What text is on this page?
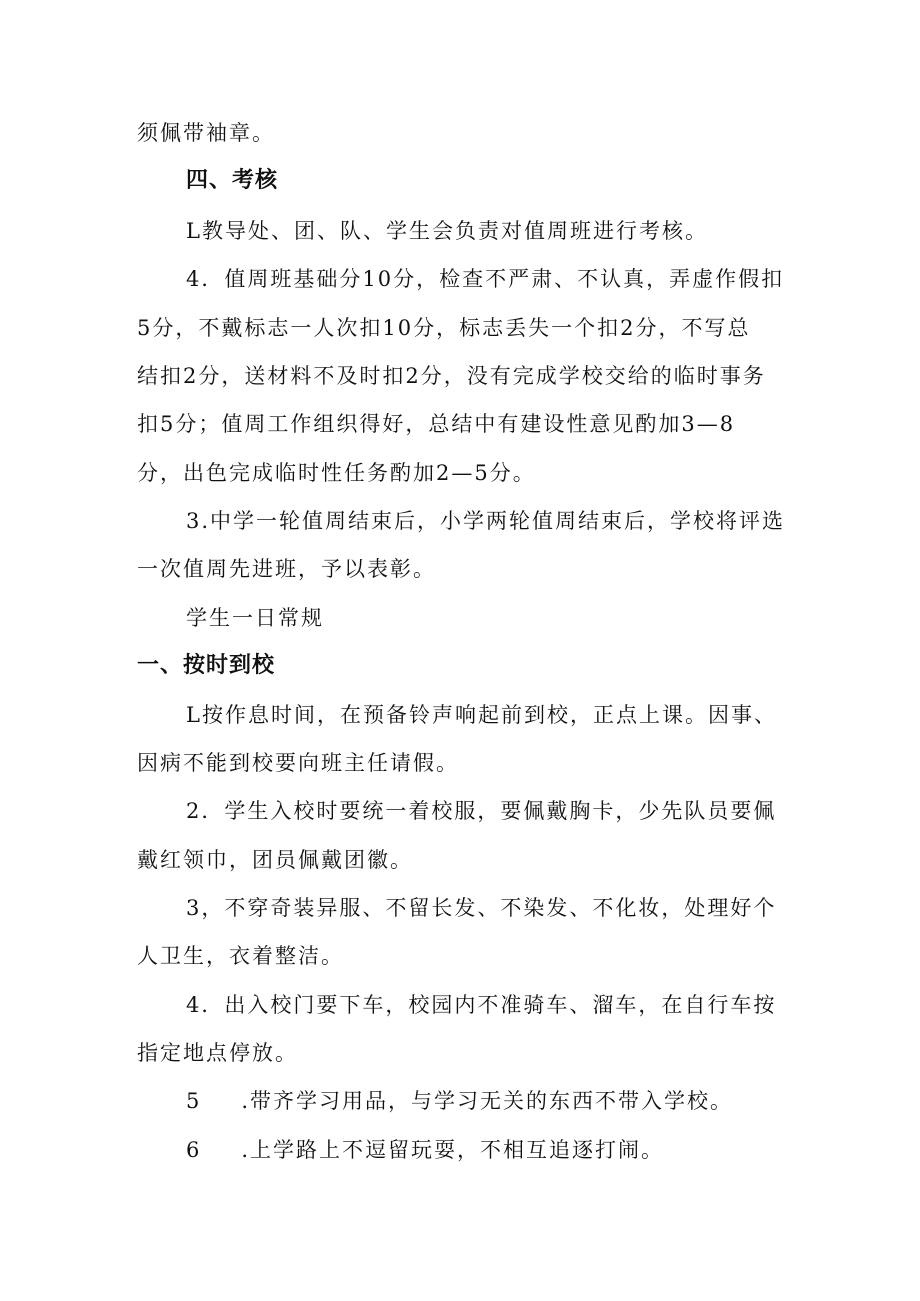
须佩带袖章。
四、考核
L教导处、团、队、学生会负责对值周班进行考核。
4．值周班基础分10分，检查不严肃、不认真，弄虚作假扣
5分，不戴标志一人次扣10分，标志丢失一个扣2分，不写总
结扣2分，送材料不及时扣2分，没有完成学校交给的临时事务
扣5分；值周工作组织得好，总结中有建设性意见酌加3—8
分，出色完成临时性任务酌加2—5分。
3.中学一轮值周结束后，小学两轮值周结束后，学校将评选
一次值周先进班，予以表彰。
学生一日常规
一、按时到校
L按作息时间，在预备铃声响起前到校，正点上课。因事、
因病不能到校要向班主任请假。
2．学生入校时要统一着校服，要佩戴胸卡，少先队员要佩
戴红领巾，团员佩戴团徽。
3，不穿奇装异服、不留长发、不染发、不化妆，处理好个
人卫生，衣着整洁。
4．出入校门要下车，校园内不准骑车、溜车，在自行车按
指定地点停放。
5 .带齐学习用品，与学习无关的东西不带入学校。
6 .上学路上不逗留玩耍，不相互追逐打闹。
